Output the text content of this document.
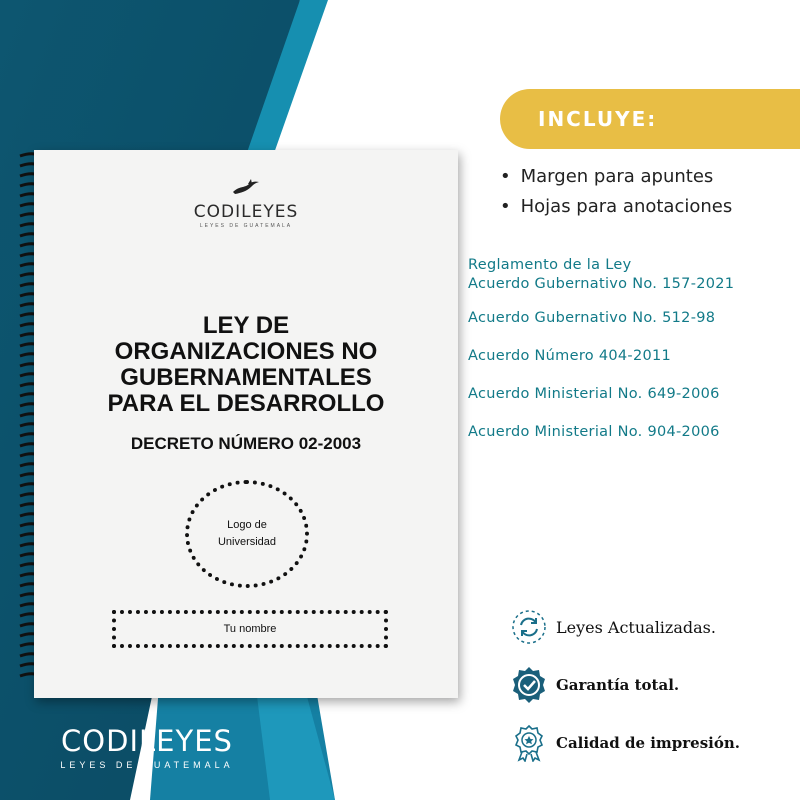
CODILEYES
LEYES DE GUATEMALA
LEY DE
ORGANIZACIONES NO
GUBERNAMENTALES
PARA EL DESARROLLO
DECRETO NÚMERO 02-2003
Logo de Universidad
Tu nombre
CODILEYES
LEYES DE GUATEMALA
INCLUYE:
• Margen para apuntes
• Hojas para anotaciones
Reglamento de la Ley
Acuerdo Gubernativo No. 157-2021
Acuerdo Gubernativo No. 512-98
Acuerdo Número 404-2011
Acuerdo Ministerial No. 649-2006
Acuerdo Ministerial No. 904-2006
Leyes Actualizadas.
Garantía total.
Calidad de impresión.
